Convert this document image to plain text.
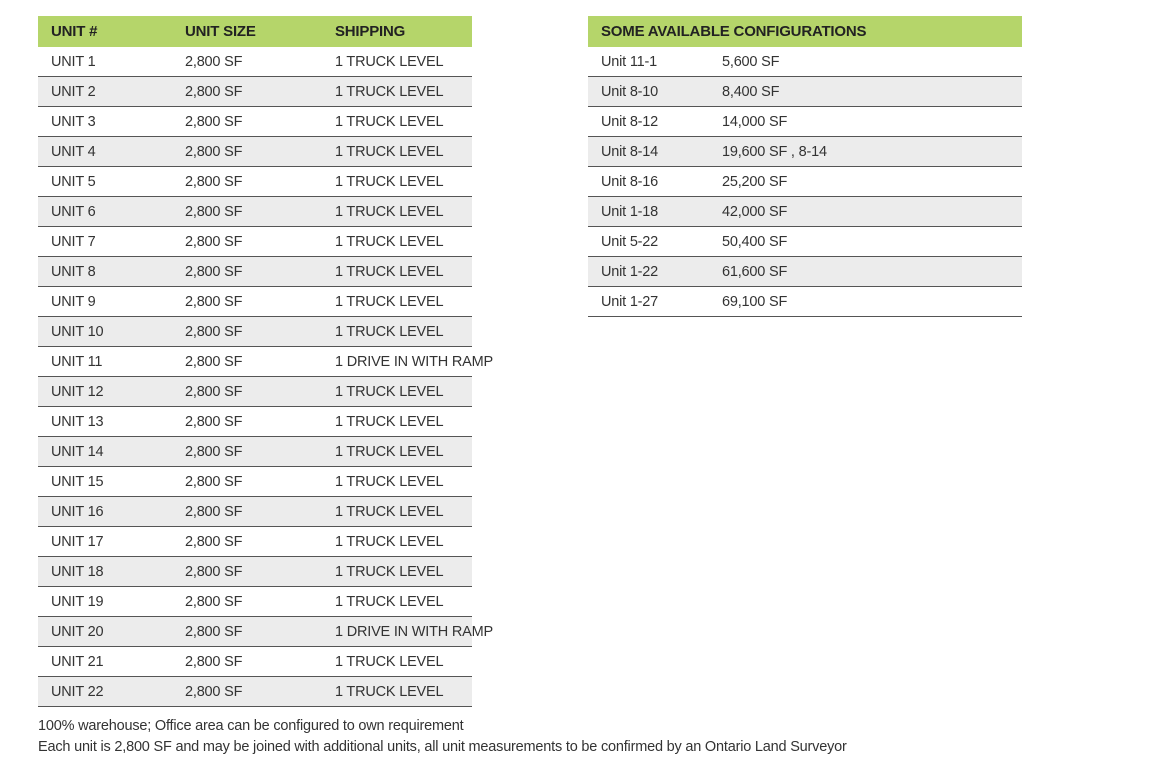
UNIT #	UNIT SIZE	SHIPPING
UNIT 1	2,800 SF	1 TRUCK LEVEL
UNIT 2	2,800 SF	1 TRUCK LEVEL
UNIT 3	2,800 SF	1 TRUCK LEVEL
UNIT 4	2,800 SF	1 TRUCK LEVEL
UNIT 5	2,800 SF	1 TRUCK LEVEL
UNIT 6	2,800 SF	1 TRUCK LEVEL
UNIT 7	2,800 SF	1 TRUCK LEVEL
UNIT 8	2,800 SF	1 TRUCK LEVEL
UNIT 9	2,800 SF	1 TRUCK LEVEL
UNIT 10	2,800 SF	1 TRUCK LEVEL
UNIT 11	2,800 SF	1 DRIVE IN WITH RAMP
UNIT 12	2,800 SF	1 TRUCK LEVEL
UNIT 13	2,800 SF	1 TRUCK LEVEL
UNIT 14	2,800 SF	1 TRUCK LEVEL
UNIT 15	2,800 SF	1 TRUCK LEVEL
UNIT 16	2,800 SF	1 TRUCK LEVEL
UNIT 17	2,800 SF	1 TRUCK LEVEL
UNIT 18	2,800 SF	1 TRUCK LEVEL
UNIT 19	2,800 SF	1 TRUCK LEVEL
UNIT 20	2,800 SF	1 DRIVE IN WITH RAMP
UNIT 21	2,800 SF	1 TRUCK LEVEL
UNIT 22	2,800 SF	1 TRUCK LEVEL
SOME AVAILABLE CONFIGURATIONS	
Unit 11-1	5,600 SF
Unit 8-10	8,400 SF
Unit 8-12	14,000 SF
Unit 8-14	19,600 SF , 8-14
Unit 8-16	25,200 SF
Unit 1-18	42,000 SF
Unit 5-22	50,400 SF
Unit 1-22	61,600 SF
Unit 1-27	69,100 SF
100% warehouse; Office area can be configured to own requirement
Each unit is 2,800 SF and may be joined with additional units, all unit measurements to be confirmed by an Ontario Land Surveyor
